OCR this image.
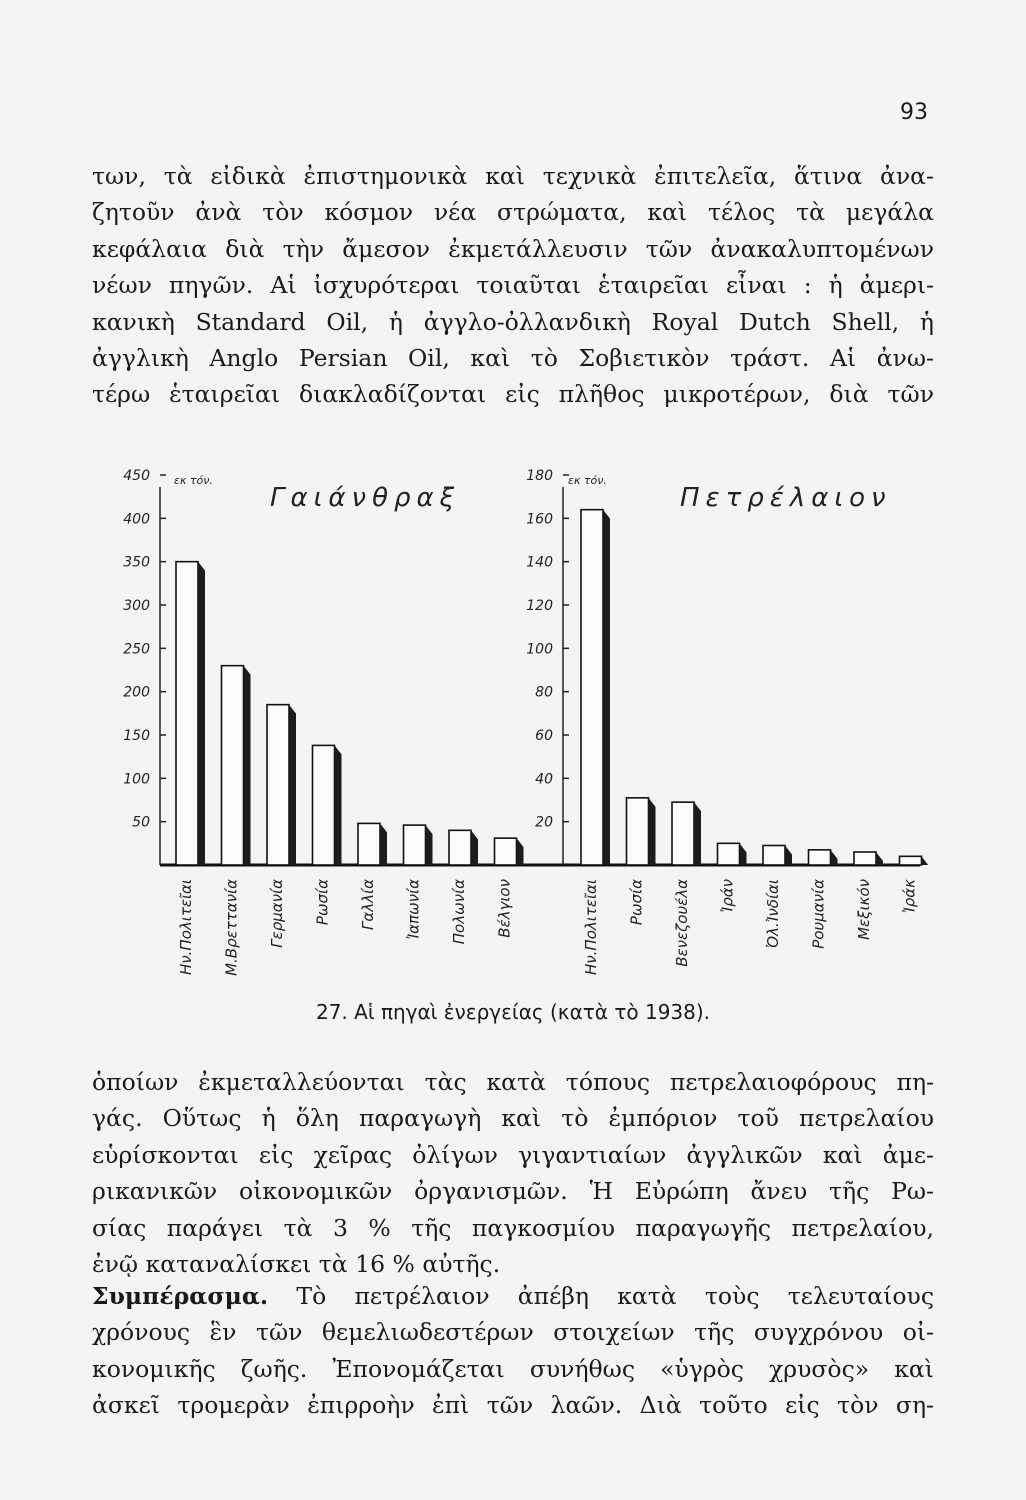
93
των, τὰ εἰδικὰ ἐπιστημονικὰ καὶ τεχνικὰ ἐπιτελεῖα, ἅτινα ἀνα-
ζητοῦν ἀνὰ τὸν κόσμον νέα στρώματα, καὶ τέλος τὰ μεγάλα
κεφάλαια διὰ τὴν ἄμεσον ἐκμετάλλευσιν τῶν ἀνακαλυπτομένων
νέων πηγῶν. Αἱ ἰσχυρότεραι τοιαῦται ἑταιρεῖαι εἶναι : ἡ ἀμερι-
κανικὴ Standard Oil, ἡ ἀγγλο-ὀλλανδικὴ Royal Dutch Shell, ἡ
ἀγγλικὴ Anglo Persian Oil, καὶ τὸ Σοβιετικὸν τράστ. Αἱ ἀνω-
τέρω ἑταιρεῖαι διακλαδίζονται εἰς πλῆθος μικροτέρων, διὰ τῶν
450
400
350
300
250
200
150
100
50
εκ τόν.
Γαιάνθραξ
Ην.Πολιτεῖαι Μ.Βρεττανία Γερμανία Ρωσία Γαλλία Ἰαπωνία Πολωνία Βέλγιον
180
160
140
120
100
80
60
40
20
εκ τόν.
Πετρέλαιον
Ην.Πολιτεῖαι Ρωσία Βενεζουέλα Ἰράν Ὀλ.Ἰνδίαι Ρουμανία Μεξικόν Ἰράκ
27. Αἱ πηγαὶ ἐνεργείας (κατὰ τὸ 1938).
ὁποίων ἐκμεταλλεύονται τὰς κατὰ τόπους πετρελαιοφόρους πη-
γάς. Οὕτως ἡ ὅλη παραγωγὴ καὶ τὸ ἐμπόριον τοῦ πετρελαίου
εὑρίσκονται εἰς χεῖρας ὀλίγων γιγαντιαίων ἀγγλικῶν καὶ ἀμε-
ρικανικῶν οἰκονομικῶν ὀργανισμῶν. Ἡ Εὐρώπη ἄνευ τῆς Ρω-
σίας παράγει τὰ 3 % τῆς παγκοσμίου παραγωγῆς πετρελαίου,
ἐνῷ καταναλίσκει τὰ 16 % αὐτῆς.
Συμπέρασμα. Τὸ πετρέλαιον ἀπέβη κατὰ τοὺς τελευταίους
χρόνους ἓν τῶν θεμελιωδεστέρων στοιχείων τῆς συγχρόνου οἰ-
κονομικῆς ζωῆς. Ἐπονομάζεται συνήθως «ὑγρὸς χρυσὸς» καὶ
ἀσκεῖ τρομερὰν ἐπιρροὴν ἐπὶ τῶν λαῶν. Διὰ τοῦτο εἰς τὸν ση-
